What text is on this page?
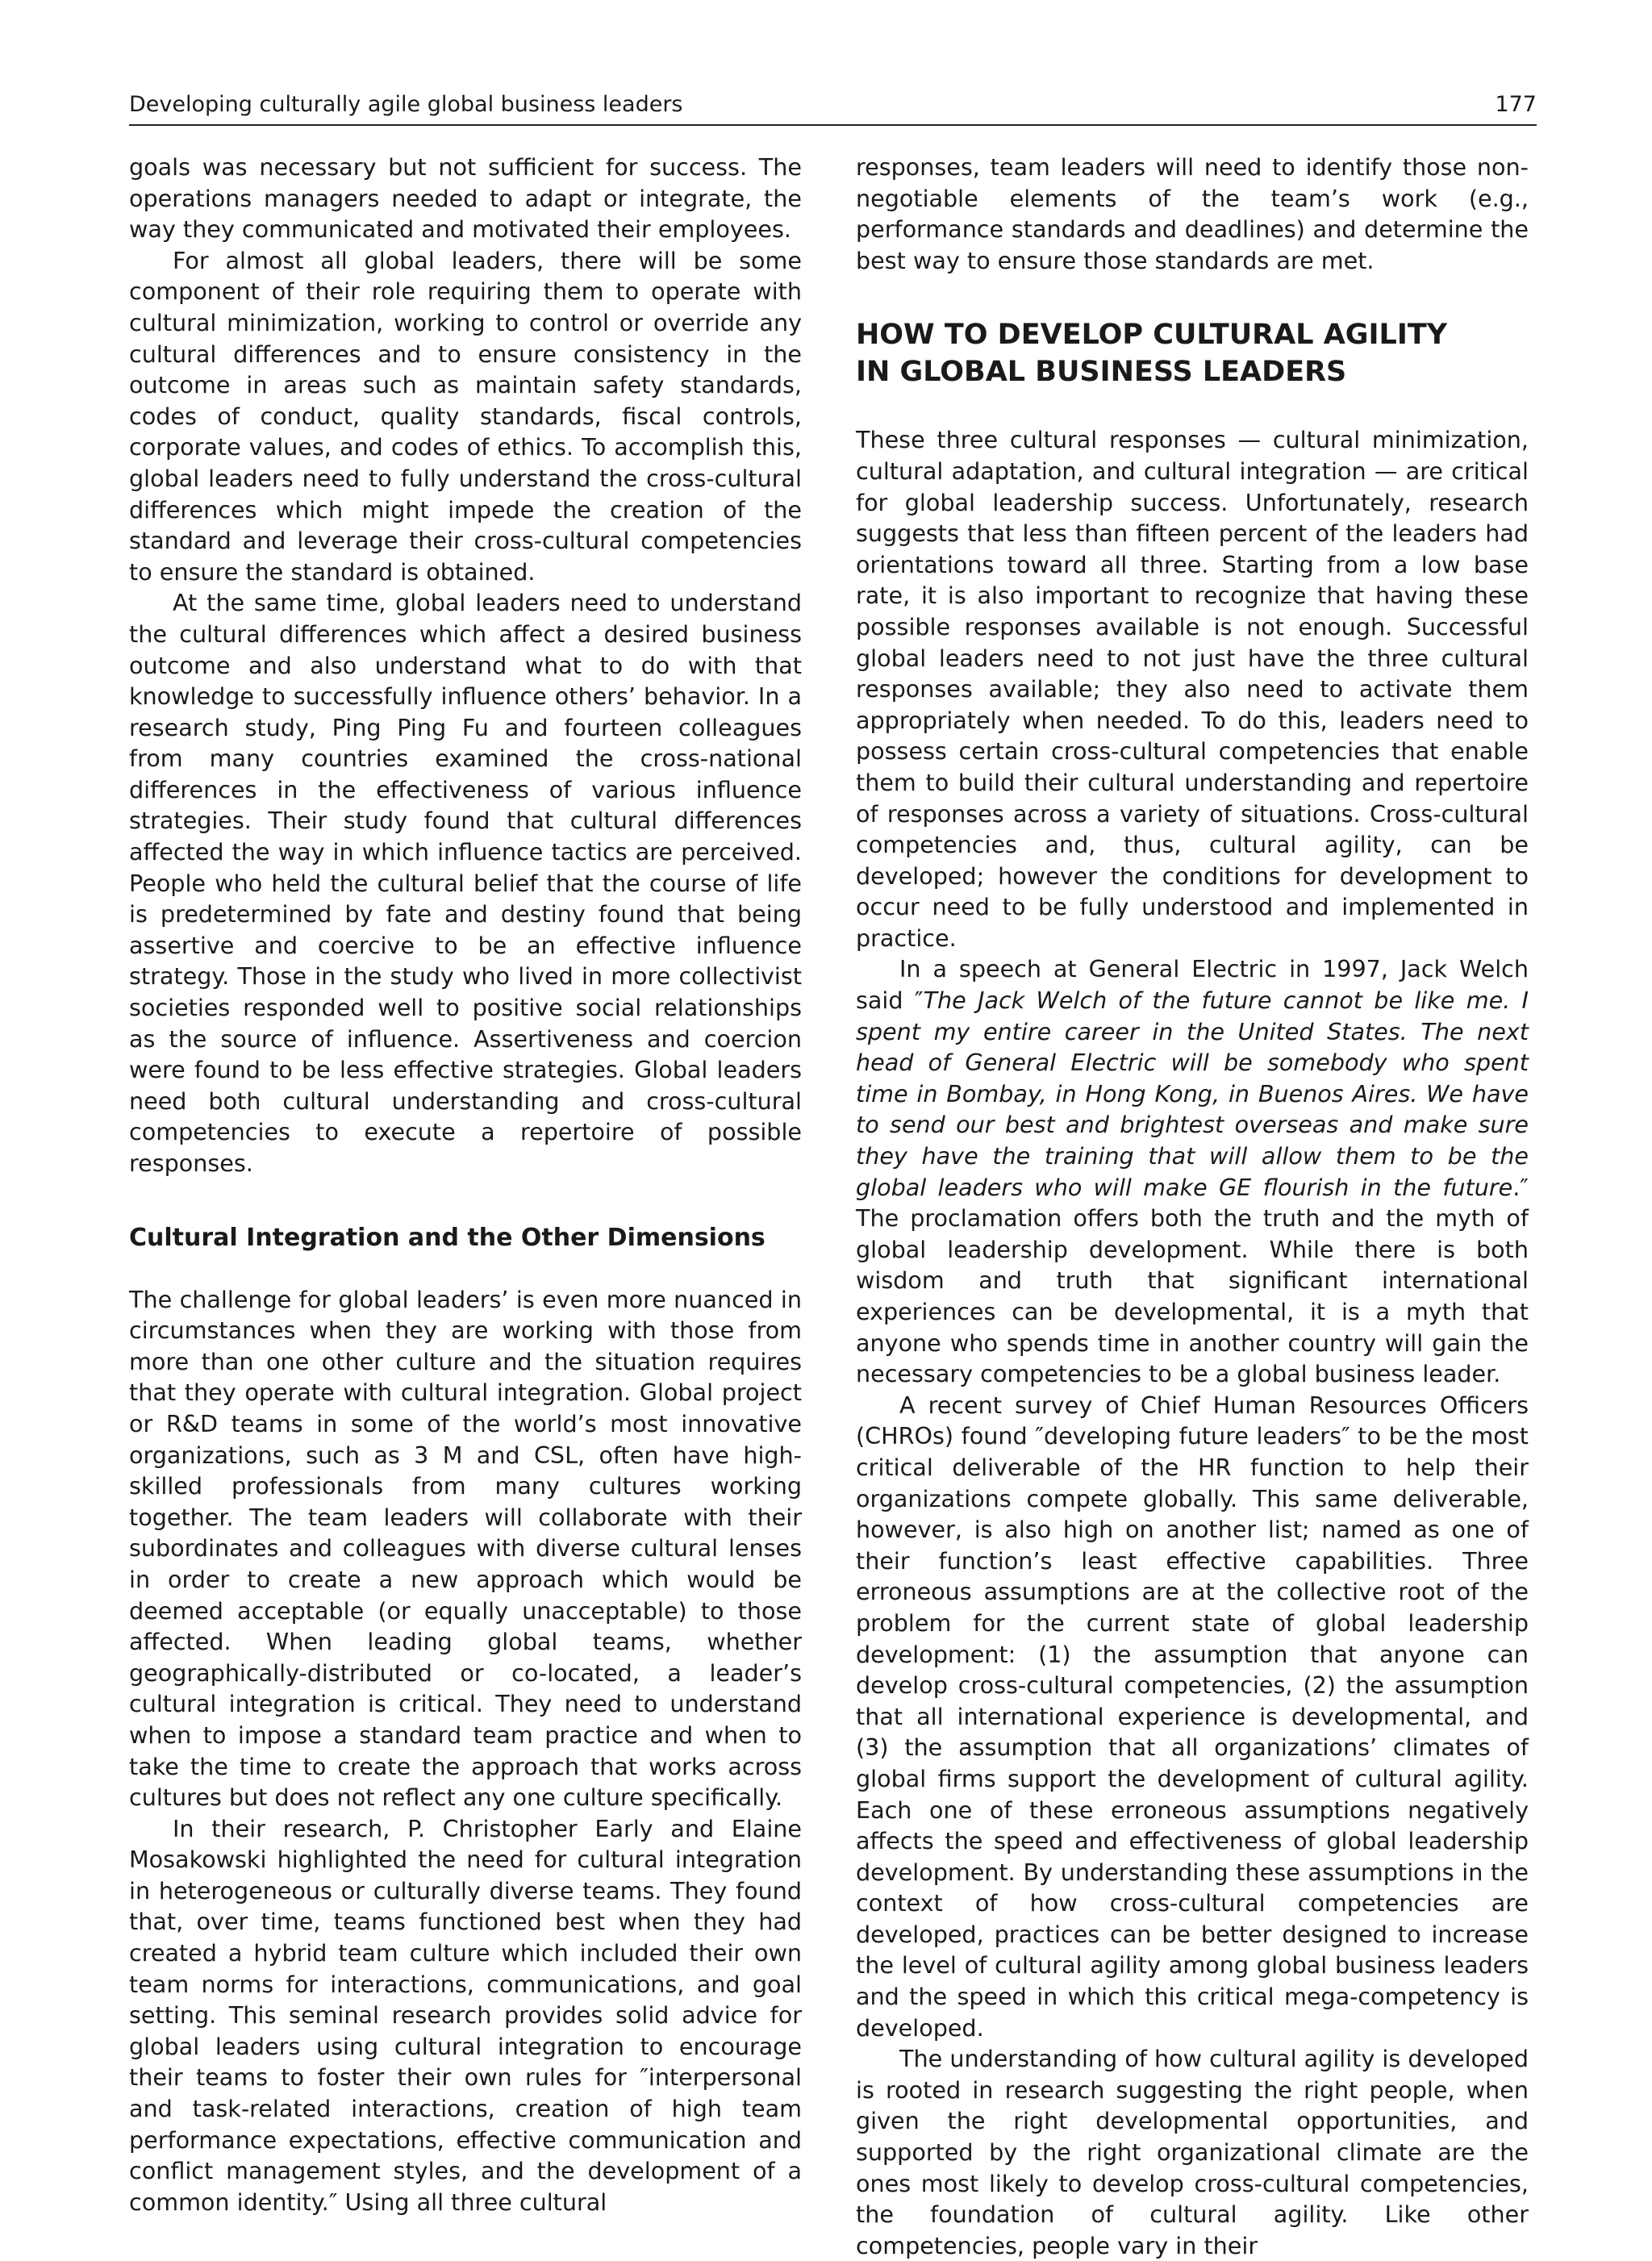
Developing culturally agile global business leaders	177

goals was necessary but not sufficient for success. The operations managers needed to adapt or integrate, the way they communicated and motivated their employees.

For almost all global leaders, there will be some component of their role requiring them to operate with cultural minimization, working to control or override any cultural differences and to ensure consistency in the outcome in areas such as maintain safety standards, codes of conduct, quality standards, fiscal controls, corporate values, and codes of ethics. To accomplish this, global leaders need to fully understand the cross-cultural differences which might impede the creation of the standard and leverage their cross-cultural competencies to ensure the standard is obtained.

At the same time, global leaders need to understand the cultural differences which affect a desired business outcome and also understand what to do with that knowledge to successfully influence others’ behavior. In a research study, Ping Ping Fu and fourteen colleagues from many countries examined the cross-national differences in the effectiveness of various influence strategies. Their study found that cultural differences affected the way in which influence tactics are perceived. People who held the cultural belief that the course of life is predetermined by fate and destiny found that being assertive and coercive to be an effective influence strategy. Those in the study who lived in more collectivist societies responded well to positive social relationships as the source of influence. Assertiveness and coercion were found to be less effective strategies. Global leaders need both cultural understanding and cross-cultural competencies to execute a repertoire of possible responses.

Cultural Integration and the Other Dimensions

The challenge for global leaders’ is even more nuanced in circumstances when they are working with those from more than one other culture and the situation requires that they operate with cultural integration. Global project or R&D teams in some of the world’s most innovative organizations, such as 3 M and CSL, often have high-skilled professionals from many cultures working together. The team leaders will collaborate with their subordinates and colleagues with diverse cultural lenses in order to create a new approach which would be deemed acceptable (or equally unacceptable) to those affected. When leading global teams, whether geographically-distributed or co-located, a leader’s cultural integration is critical. They need to understand when to impose a standard team practice and when to take the time to create the approach that works across cultures but does not reflect any one culture specifically.

In their research, P. Christopher Early and Elaine Mosakowski highlighted the need for cultural integration in heterogeneous or culturally diverse teams. They found that, over time, teams functioned best when they had created a hybrid team culture which included their own team norms for interactions, communications, and goal setting. This seminal research provides solid advice for global leaders using cultural integration to encourage their teams to foster their own rules for ″interpersonal and task-related interactions, creation of high team performance expectations, effective communication and conflict management styles, and the development of a common identity.″ Using all three cultural

responses, team leaders will need to identify those non-negotiable elements of the team’s work (e.g., performance standards and deadlines) and determine the best way to ensure those standards are met.

HOW TO DEVELOP CULTURAL AGILITY IN GLOBAL BUSINESS LEADERS

These three cultural responses — cultural minimization, cultural adaptation, and cultural integration — are critical for global leadership success. Unfortunately, research suggests that less than fifteen percent of the leaders had orientations toward all three. Starting from a low base rate, it is also important to recognize that having these possible responses available is not enough. Successful global leaders need to not just have the three cultural responses available; they also need to activate them appropriately when needed. To do this, leaders need to possess certain cross-cultural competencies that enable them to build their cultural understanding and repertoire of responses across a variety of situations. Cross-cultural competencies and, thus, cultural agility, can be developed; however the conditions for development to occur need to be fully understood and implemented in practice.

In a speech at General Electric in 1997, Jack Welch said ″The Jack Welch of the future cannot be like me. I spent my entire career in the United States. The next head of General Electric will be somebody who spent time in Bombay, in Hong Kong, in Buenos Aires. We have to send our best and brightest overseas and make sure they have the training that will allow them to be the global leaders who will make GE flourish in the future.″ The proclamation offers both the truth and the myth of global leadership development. While there is both wisdom and truth that significant international experiences can be developmental, it is a myth that anyone who spends time in another country will gain the necessary competencies to be a global business leader.

A recent survey of Chief Human Resources Officers (CHROs) found ″developing future leaders″ to be the most critical deliverable of the HR function to help their organizations compete globally. This same deliverable, however, is also high on another list; named as one of their function’s least effective capabilities. Three erroneous assumptions are at the collective root of the problem for the current state of global leadership development: (1) the assumption that anyone can develop cross-cultural competencies, (2) the assumption that all international experience is developmental, and (3) the assumption that all organizations’ climates of global firms support the development of cultural agility. Each one of these erroneous assumptions negatively affects the speed and effectiveness of global leadership development. By understanding these assumptions in the context of how cross-cultural competencies are developed, practices can be better designed to increase the level of cultural agility among global business leaders and the speed in which this critical mega-competency is developed.

The understanding of how cultural agility is developed is rooted in research suggesting the right people, when given the right developmental opportunities, and supported by the right organizational climate are the ones most likely to develop cross-cultural competencies, the foundation of cultural agility. Like other competencies, people vary in their
